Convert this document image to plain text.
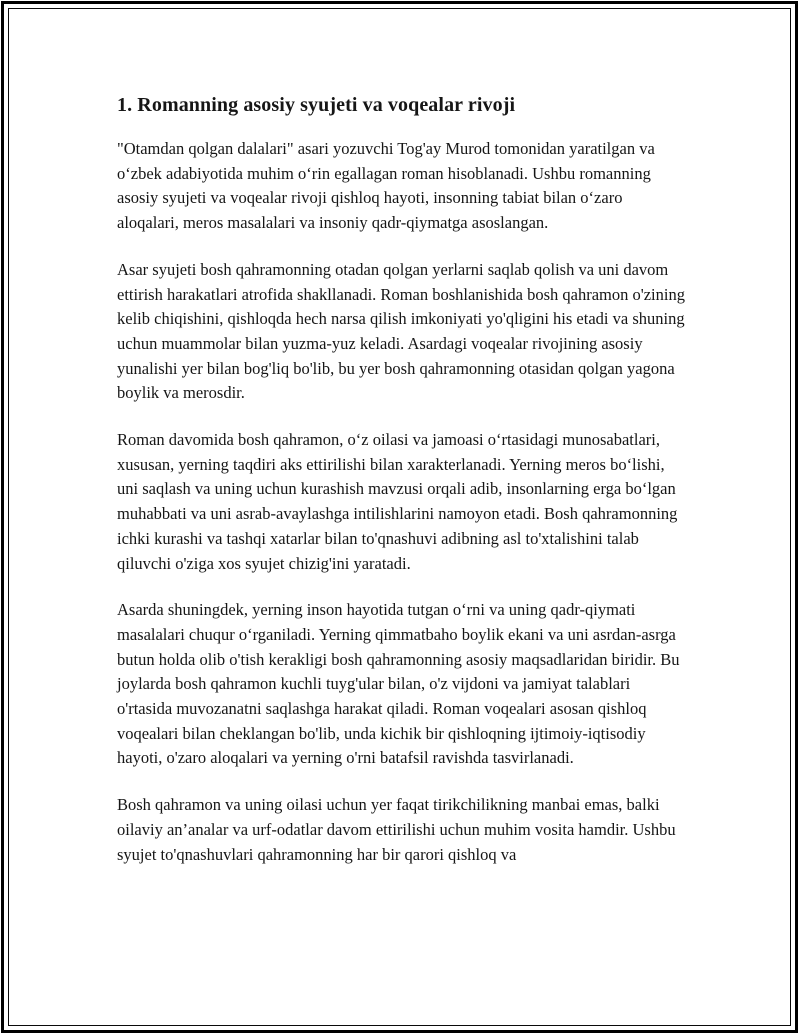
1. Romanning asosiy syujeti va voqealar rivoji

"Otamdan qolgan dalalari" asari yozuvchi Tog'ay Murod tomonidan yaratilgan va oʻzbek adabiyotida muhim oʻrin egallagan roman hisoblanadi. Ushbu romanning asosiy syujeti va voqealar rivoji qishloq hayoti, insonning tabiat bilan oʻzaro aloqalari, meros masalalari va insoniy qadr-qiymatga asoslangan.

Asar syujeti bosh qahramonning otadan qolgan yerlarni saqlab qolish va uni davom ettirish harakatlari atrofida shakllanadi. Roman boshlanishida bosh qahramon o'zining kelib chiqishini, qishloqda hech narsa qilish imkoniyati yo'qligini his etadi va shuning uchun muammolar bilan yuzma-yuz keladi. Asardagi voqealar rivojining asosiy yunalishi yer bilan bog'liq bo'lib, bu yer bosh qahramonning otasidan qolgan yagona boylik va merosdir.

Roman davomida bosh qahramon, oʻz oilasi va jamoasi oʻrtasidagi munosabatlari, xususan, yerning taqdiri aks ettirilishi bilan xarakterlanadi. Yerning meros boʻlishi, uni saqlash va uning uchun kurashish mavzusi orqali adib, insonlarning erga boʻlgan muhabbati va uni asrab-avaylashga intilishlarini namoyon etadi. Bosh qahramonning ichki kurashi va tashqi xatarlar bilan to'qnashuvi adibning asl to'xtalishini talab qiluvchi o'ziga xos syujet chizig'ini yaratadi.

Asarda shuningdek, yerning inson hayotida tutgan oʻrni va uning qadr-qiymati masalalari chuqur oʻrganiladi. Yerning qimmatbaho boylik ekani va uni asrdan-asrga butun holda olib o'tish kerakligi bosh qahramonning asosiy maqsadlaridan biridir. Bu joylarda bosh qahramon kuchli tuyg'ular bilan, o'z vijdoni va jamiyat talablari o'rtasida muvozanatni saqlashga harakat qiladi. Roman voqealari asosan qishloq voqealari bilan cheklangan bo'lib, unda kichik bir qishloqning ijtimoiy-iqtisodiy hayoti, o'zaro aloqalari va yerning o'rni batafsil ravishda tasvirlanadi.

Bosh qahramon va uning oilasi uchun yer faqat tirikchilikning manbai emas, balki oilaviy an’analar va urf-odatlar davom ettirilishi uchun muhim vosita hamdir. Ushbu syujet to'qnashuvlari qahramonning har bir qarori qishloq va
